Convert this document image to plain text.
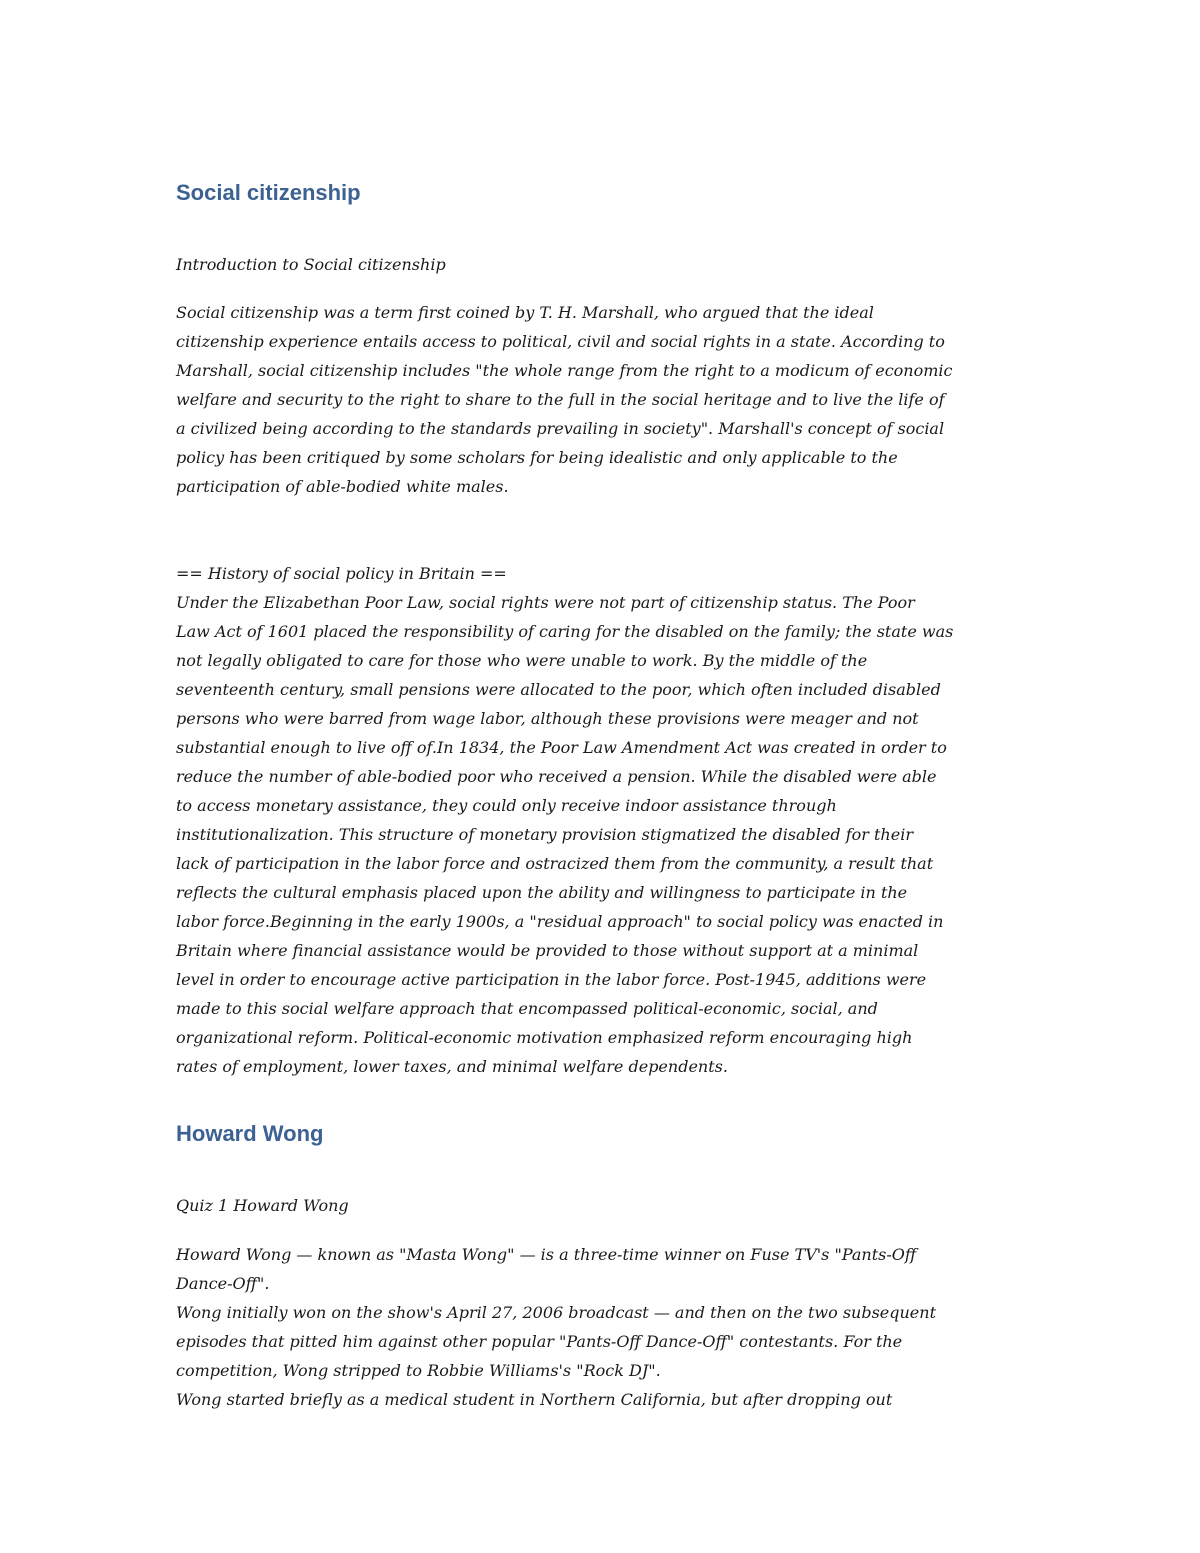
Social citizenship

Introduction to Social citizenship

Social citizenship was a term first coined by T. H. Marshall, who argued that the ideal
citizenship experience entails access to political, civil and social rights in a state. According to
Marshall, social citizenship includes "the whole range from the right to a modicum of economic
welfare and security to the right to share to the full in the social heritage and to live the life of
a civilized being according to the standards prevailing in society". Marshall's concept of social
policy has been critiqued by some scholars for being idealistic and only applicable to the
participation of able-bodied white males.

== History of social policy in Britain ==
Under the Elizabethan Poor Law, social rights were not part of citizenship status. The Poor
Law Act of 1601 placed the responsibility of caring for the disabled on the family; the state was
not legally obligated to care for those who were unable to work. By the middle of the
seventeenth century, small pensions were allocated to the poor, which often included disabled
persons who were barred from wage labor, although these provisions were meager and not
substantial enough to live off of.In 1834, the Poor Law Amendment Act was created in order to
reduce the number of able-bodied poor who received a pension. While the disabled were able
to access monetary assistance, they could only receive indoor assistance through
institutionalization. This structure of monetary provision stigmatized the disabled for their
lack of participation in the labor force and ostracized them from the community, a result that
reflects the cultural emphasis placed upon the ability and willingness to participate in the
labor force.Beginning in the early 1900s, a "residual approach" to social policy was enacted in
Britain where financial assistance would be provided to those without support at a minimal
level in order to encourage active participation in the labor force. Post-1945, additions were
made to this social welfare approach that encompassed political-economic, social, and
organizational reform. Political-economic motivation emphasized reform encouraging high
rates of employment, lower taxes, and minimal welfare dependents.

Howard Wong

Quiz 1 Howard Wong

Howard Wong — known as "Masta Wong" — is a three-time winner on Fuse TV's "Pants-Off
Dance-Off".
Wong initially won on the show's April 27, 2006 broadcast — and then on the two subsequent
episodes that pitted him against other popular "Pants-Off Dance-Off" contestants. For the
competition, Wong stripped to Robbie Williams's "Rock DJ".
Wong started briefly as a medical student in Northern California, but after dropping out
